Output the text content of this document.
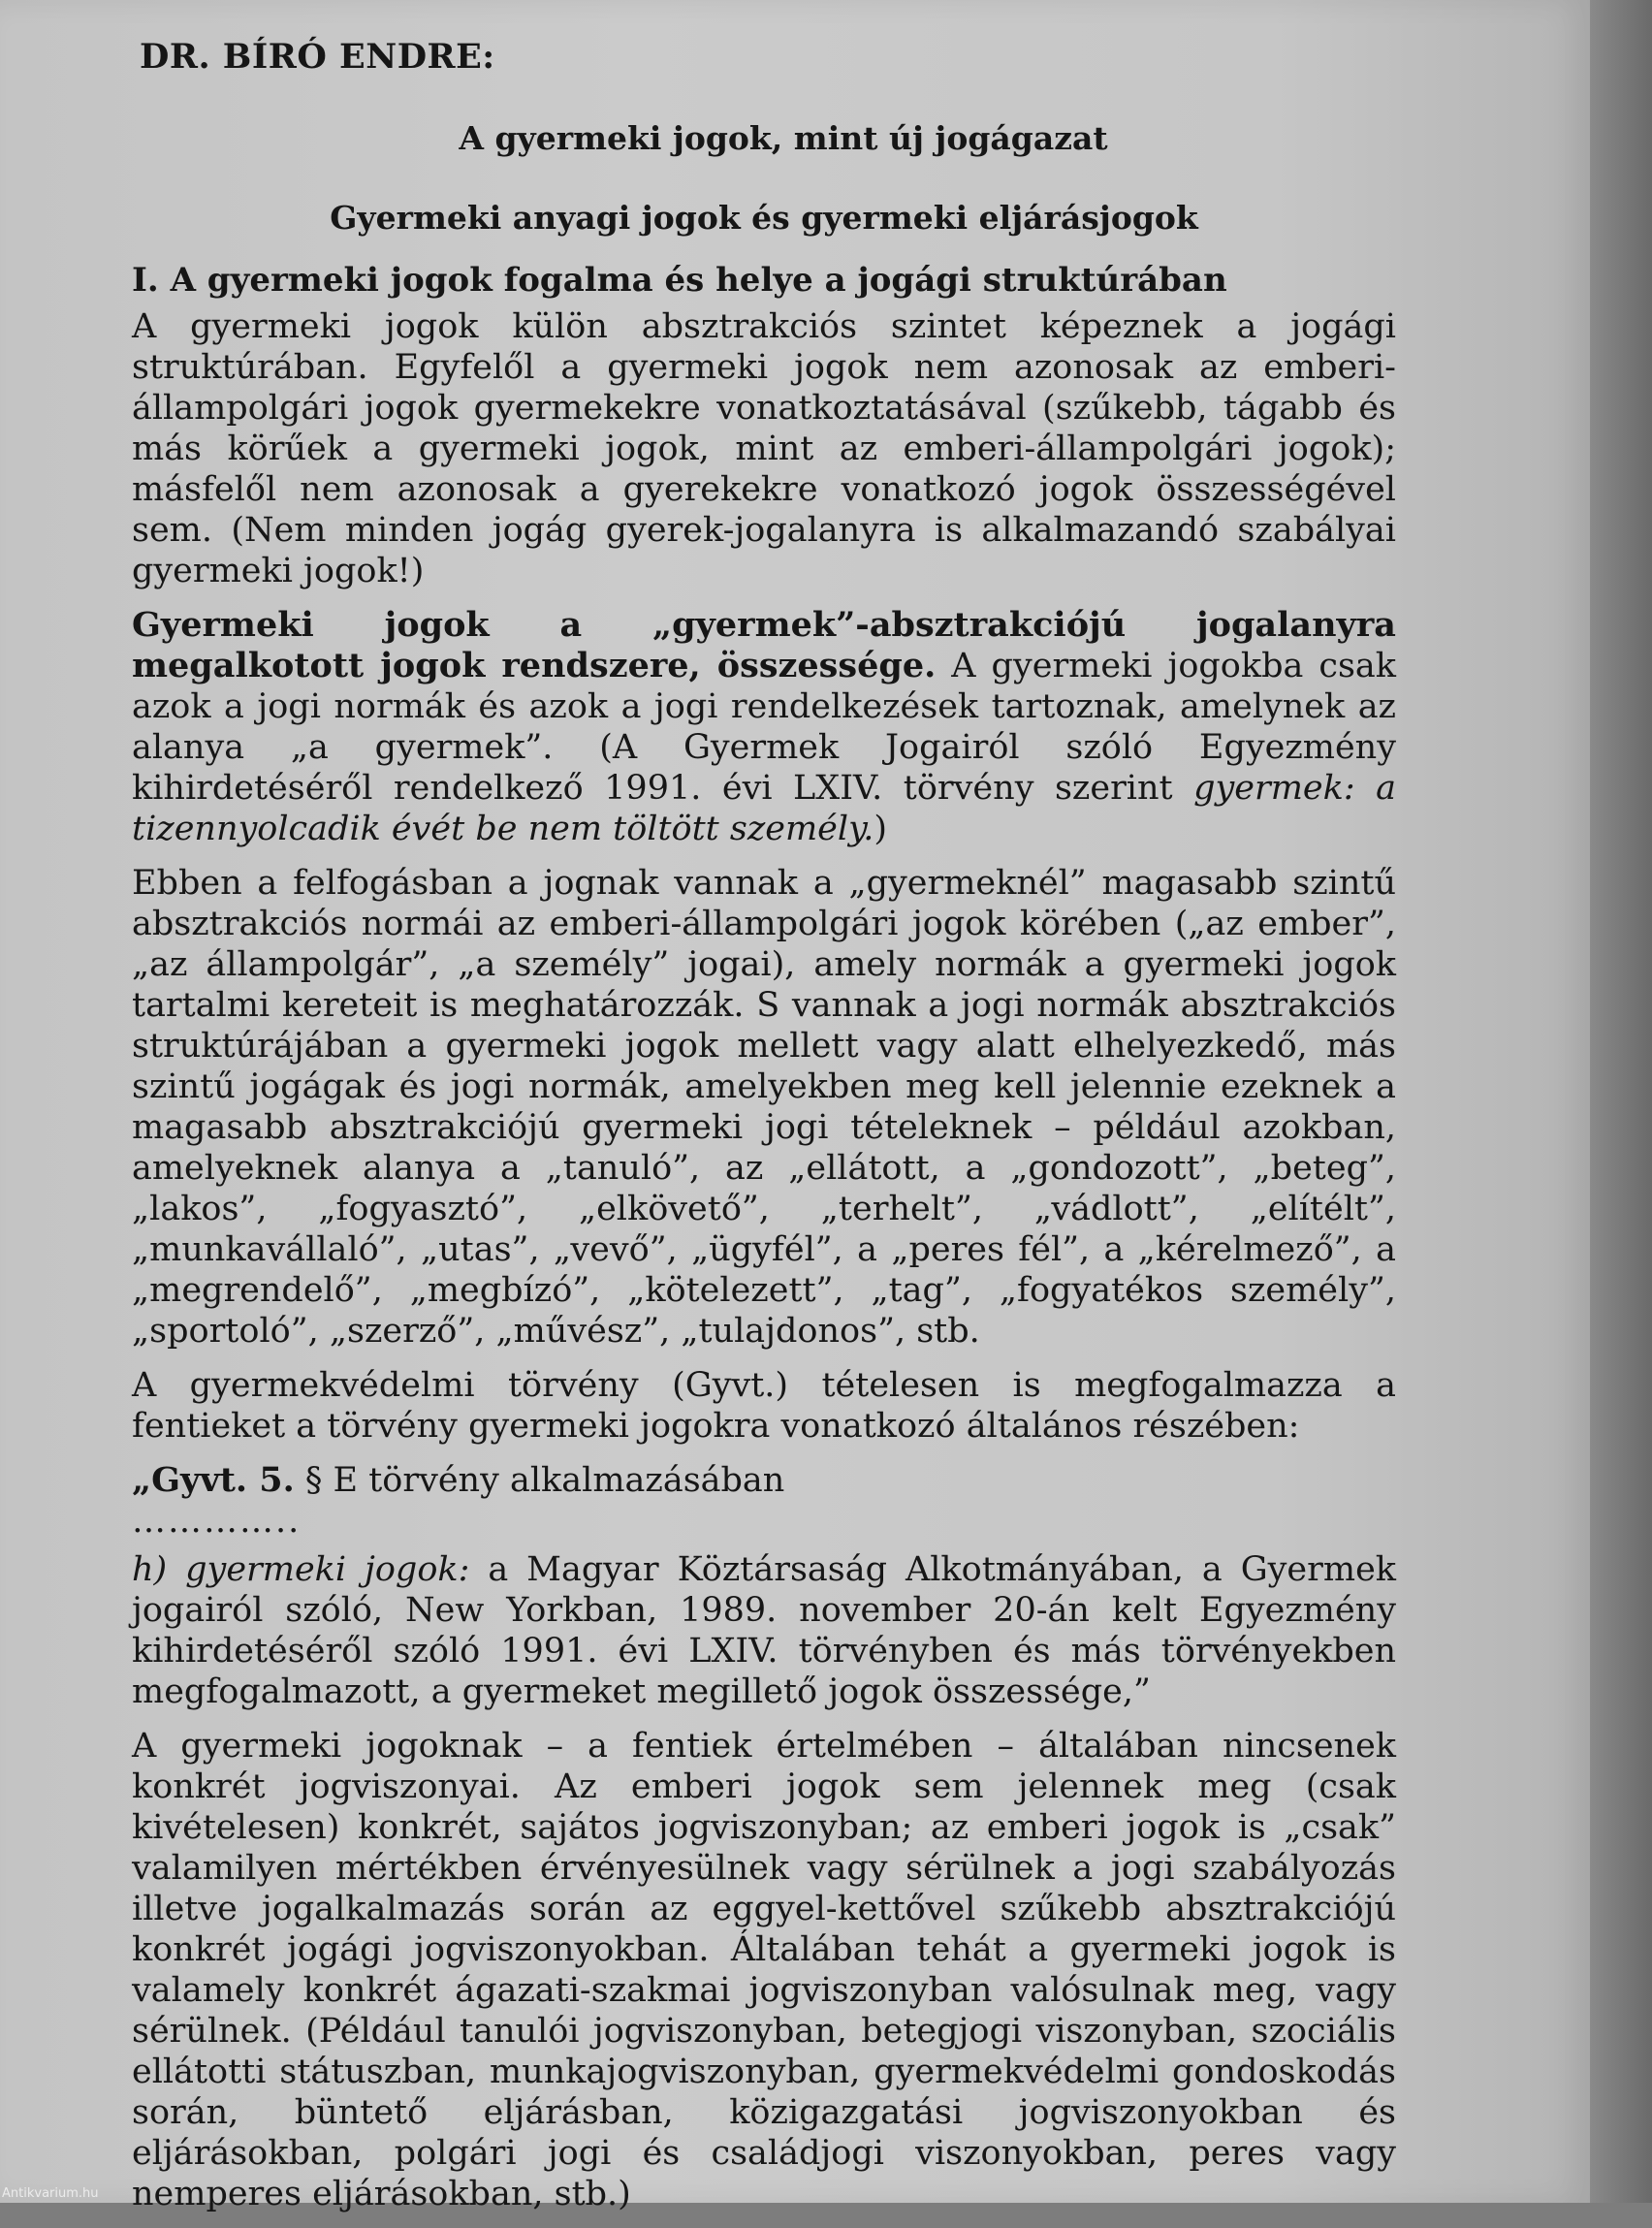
DR. BÍRÓ ENDRE:
A gyermeki jogok, mint új jogágazat
Gyermeki anyagi jogok és gyermeki eljárásjogok
I. A gyermeki jogok fogalma és helye a jogági struktúrában

A gyermeki jogok külön absztrakciós szintet képeznek a jogági struktúrában. Egyfelől a gyermeki jogok nem azonosak az emberi-állampolgári jogok gyermekekre vonatkoztatásával (szűkebb, tágabb és más körűek a gyermeki jogok, mint az emberi-állampolgári jogok); másfelől nem azonosak a gyerekekre vonatkozó jogok összességével sem. (Nem minden jogág gyerek-jogalanyra is alkalmazandó szabályai gyermeki jogok!)

Gyermeki jogok a „gyermek”-absztrakciójú jogalanyra megalkotott jogok rendszere, összessége. A gyermeki jogokba csak azok a jogi normák és azok a jogi rendelkezések tartoznak, amelynek az alanya „a gyermek”. (A Gyermek Jogairól szóló Egyezmény kihirdetéséről rendelkező 1991. évi LXIV. törvény szerint gyermek: a tizennyolcadik évét be nem töltött személy.)

Ebben a felfogásban a jognak vannak a „gyermeknél” magasabb szintű absztrakciós normái az emberi-állampolgári jogok körében („az ember”, „az állampolgár”, „a személy” jogai), amely normák a gyermeki jogok tartalmi kereteit is meghatározzák. S vannak a jogi normák absztrakciós struktúrájában a gyermeki jogok mellett vagy alatt elhelyezkedő, más szintű jogágak és jogi normák, amelyekben meg kell jelennie ezeknek a magasabb absztrakciójú gyermeki jogi tételeknek – például azokban, amelyeknek alanya a „tanuló”, az „ellátott, a „gondozott”, „beteg”, „lakos”, „fogyasztó”, „elkövető”, „terhelt”, „vádlott”, „elítélt”, „munkavállaló”, „utas”, „vevő”, „ügyfél”, a „peres fél”, a „kérelmező”, a „megrendelő”, „megbízó”, „kötelezett”, „tag”, „fogyatékos személy”, „sportoló”, „szerző”, „művész”, „tulajdonos”, stb.

A gyermekvédelmi törvény (Gyvt.) tételesen is megfogalmazza a fentieket a törvény gyermeki jogokra vonatkozó általános részében:

„Gyvt. 5. § E törvény alkalmazásában
…………..

h) gyermeki jogok: a Magyar Köztársaság Alkotmányában, a Gyermek jogairól szóló, New Yorkban, 1989. november 20-án kelt Egyezmény kihirdetéséről szóló 1991. évi LXIV. törvényben és más törvényekben megfogalmazott, a gyermeket megillető jogok összessége,”

A gyermeki jogoknak – a fentiek értelmében – általában nincsenek konkrét jogviszonyai. Az emberi jogok sem jelennek meg (csak kivételesen) konkrét, sajátos jogviszonyban; az emberi jogok is „csak” valamilyen mértékben érvényesülnek vagy sérülnek a jogi szabályozás illetve jogalkalmazás során az eggyel-kettővel szűkebb absztrakciójú konkrét jogági jogviszonyokban. Általában tehát a gyermeki jogok is valamely konkrét ágazati-szakmai jogviszonyban valósulnak meg, vagy sérülnek. (Például tanulói jogviszonyban, betegjogi viszonyban, szociális ellátotti státuszban, munkajogviszonyban, gyermekvédelmi gondoskodás során, büntető eljárásban, közigazgatási jogviszonyokban és eljárásokban, polgári jogi és családjogi viszonyokban, peres vagy nemperes eljárásokban, stb.)

Antikvarium.hu
